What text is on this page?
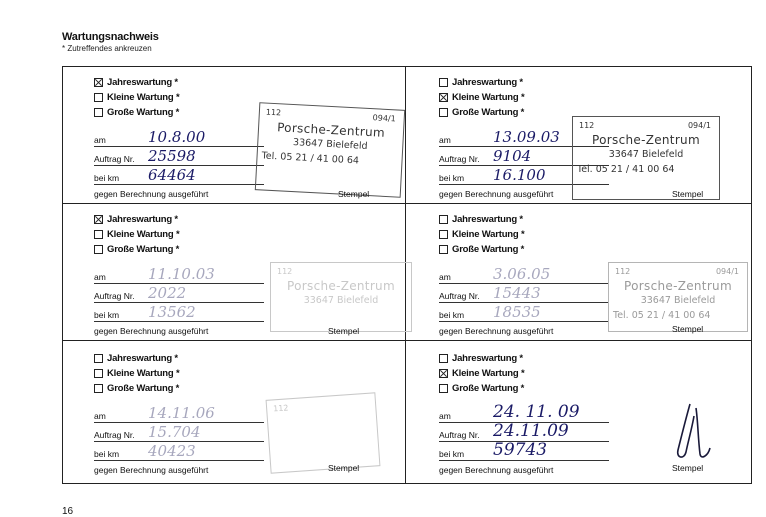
Wartungsnachweis
* Zutreffendes ankreuzen
Jahreswartung *
Kleine Wartung *
Große Wartung *
am	10.8.00
Auftrag Nr. 25598
bei km 64464
gegen Berechnung ausgeführt
112
094/1
Porsche-Zentrum
33647 Bielefeld
Tel. 05 21 / 41 00 64
Stempel
Jahreswartung *
Kleine Wartung *
Große Wartung *
am	13.09.03
Auftrag Nr. 9104
bei km 16.100
gegen Berechnung ausgeführt
112	094/1
Porsche-Zentrum
33647 Bielefeld
Tel. 05 21 / 41 00 64
Stempel
Jahreswartung *
Kleine Wartung *
Große Wartung *
am	11.10.03
Auftrag Nr. 2022
bei km 13562
gegen Berechnung ausgeführt
112
Porsche-Zentrum
33647 Bielefeld
Stempel
Jahreswartung *
Kleine Wartung *
Große Wartung *
am	3.06.05
Auftrag Nr. 15443
bei km 18535
gegen Berechnung ausgeführt
112	094/1
Porsche-Zentrum
33647 Bielefeld
Tel. 05 21 / 41 00 64
Stempel
Jahreswartung *
Kleine Wartung *
Große Wartung *
am	14.11.06
Auftrag Nr. 15.704
bei km 40423
gegen Berechnung ausgeführt
112
Stempel
Jahreswartung *
Kleine Wartung *
Große Wartung *
am 24. 11. 09
Auftrag Nr. 24.11.09
bei km 59743
gegen Berechnung ausgeführt	Stempel
16
